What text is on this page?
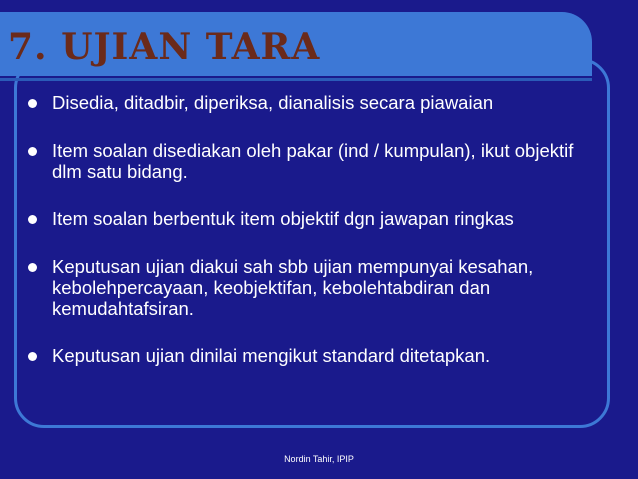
7. UJIAN TARA
Disedia, ditadbir, diperiksa, dianalisis secara piawaian
Item soalan disediakan oleh pakar (ind / kumpulan), ikut objektif dlm satu bidang.
Item soalan berbentuk item objektif dgn jawapan ringkas
Keputusan ujian diakui sah sbb ujian mempunyai kesahan, kebolehpercayaan, keobjektifan, kebolehtabdiran dan kemudahtafsiran.
Keputusan ujian dinilai mengikut standard ditetapkan.
Nordin Tahir, IPIP
